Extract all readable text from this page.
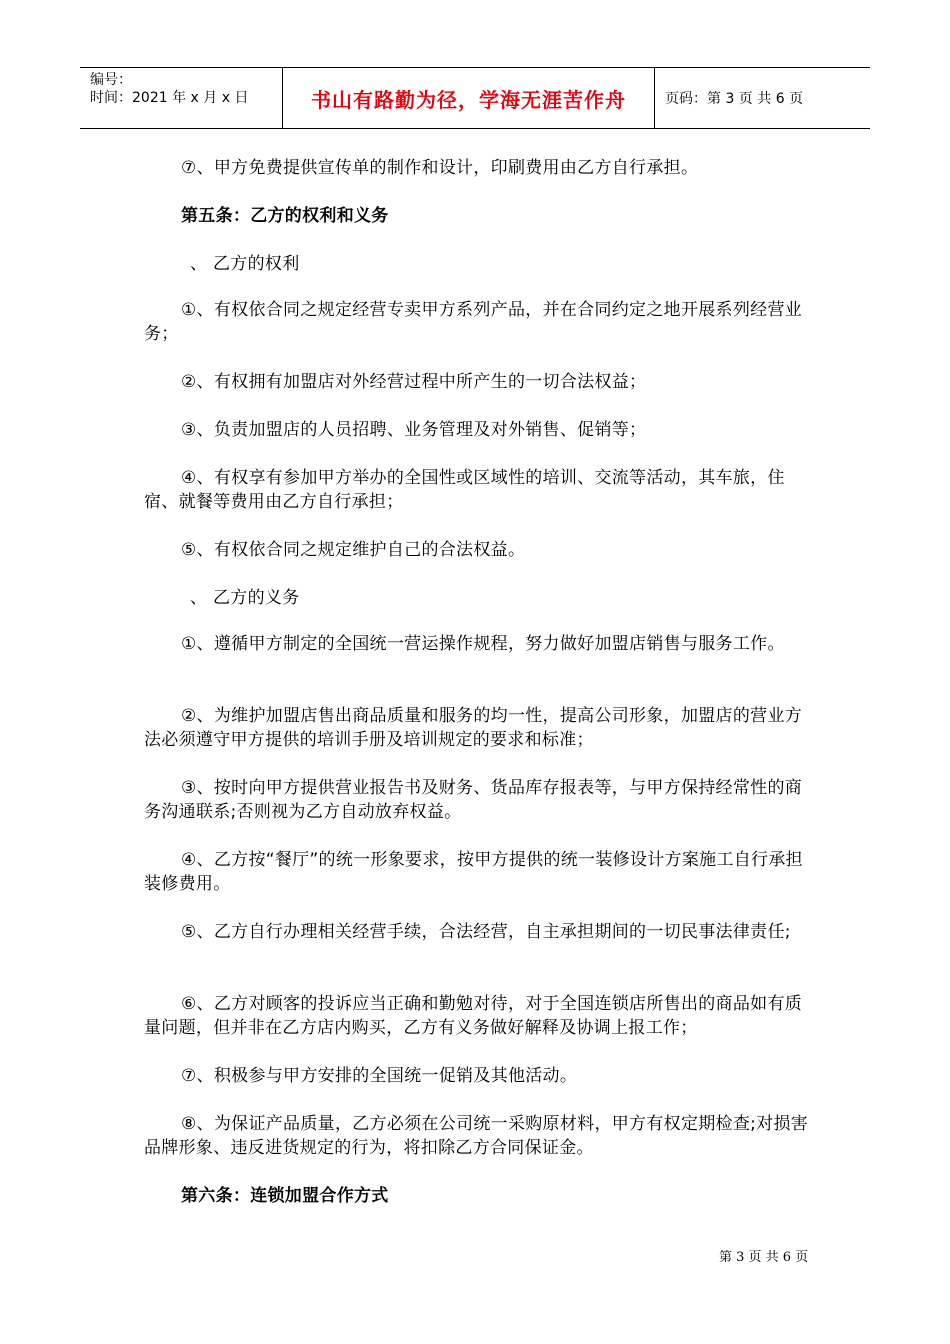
编号：
时间：2021 年 x 月 x 日	书山有路勤为径，学海无涯苦作舟	页码：第 3 页 共 6 页

⑦、甲方免费提供宣传单的制作和设计，印刷费用由乙方自行承担。

第五条：乙方的权利和义务

、 乙方的权利

①、有权依合同之规定经营专卖甲方系列产品，并在合同约定之地开展系列经营业务；

②、有权拥有加盟店对外经营过程中所产生的一切合法权益；

③、负责加盟店的人员招聘、业务管理及对外销售、促销等；

④、有权享有参加甲方举办的全国性或区域性的培训、交流等活动，其车旅，住宿、就餐等费用由乙方自行承担；

⑤、有权依合同之规定维护自己的合法权益。

、 乙方的义务

①、遵循甲方制定的全国统一营运操作规程，努力做好加盟店销售与服务工作。

②、为维护加盟店售出商品质量和服务的均一性，提高公司形象，加盟店的营业方法必须遵守甲方提供的培训手册及培训规定的要求和标准；

③、按时向甲方提供营业报告书及财务、货品库存报表等，与甲方保持经常性的商务沟通联系;否则视为乙方自动放弃权益。

④、乙方按“餐厅”的统一形象要求，按甲方提供的统一装修设计方案施工自行承担装修费用。

⑤、乙方自行办理相关经营手续，合法经营，自主承担期间的一切民事法律责任;

⑥、乙方对顾客的投诉应当正确和勤勉对待，对于全国连锁店所售出的商品如有质量问题，但并非在乙方店内购买，乙方有义务做好解释及协调上报工作；

⑦、积极参与甲方安排的全国统一促销及其他活动。

⑧、为保证产品质量，乙方必须在公司统一采购原材料，甲方有权定期检查;对损害品牌形象、违反进货规定的行为，将扣除乙方合同保证金。

第六条：连锁加盟合作方式

第 3 页 共 6 页
